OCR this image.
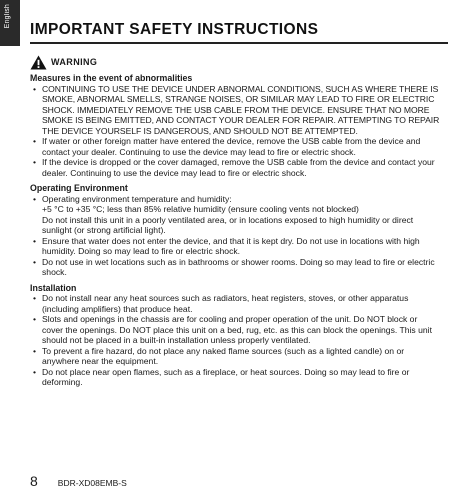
English
IMPORTANT SAFETY INSTRUCTIONS
WARNING

Measures in the event of abnormalities

• CONTINUING TO USE THE DEVICE UNDER ABNORMAL CONDITIONS, SUCH AS WHERE THERE IS SMOKE, ABNORMAL SMELLS, STRANGE NOISES, OR SIMILAR MAY LEAD TO FIRE OR ELECTRIC SHOCK. IMMEDIATELY REMOVE THE USB CABLE FROM THE DEVICE. ENSURE THAT NO MORE SMOKE IS BEING EMITTED, AND CONTACT YOUR DEALER FOR REPAIR. ATTEMPTING TO REPAIR THE DEVICE YOURSELF IS DANGEROUS, AND SHOULD NOT BE ATTEMPTED.
• If water or other foreign matter have entered the device, remove the USB cable from the device and contact your dealer. Continuing to use the device may lead to fire or electric shock.
• If the device is dropped or the cover damaged, remove the USB cable from the device and contact your dealer. Continuing to use the device may lead to fire or electric shock.

Operating Environment

• Operating environment temperature and humidity:
+5 °C to +35 °C; less than 85% relative humidity (ensure cooling vents not blocked)
Do not install this unit in a poorly ventilated area, or in locations exposed to high humidity or direct sunlight (or strong artificial light).
• Ensure that water does not enter the device, and that it is kept dry. Do not use in locations with high humidity. Doing so may lead to fire or electric shock.
• Do not use in wet locations such as in bathrooms or shower rooms. Doing so may lead to fire or electric shock.

Installation

• Do not install near any heat sources such as radiators, heat registers, stoves, or other apparatus (including amplifiers) that produce heat.
• Slots and openings in the chassis are for cooling and proper operation of the unit. Do NOT block or cover the openings. Do NOT place this unit on a bed, rug, etc. as this can block the openings. This unit should not be placed in a built-in installation unless properly ventilated.
• To prevent a fire hazard, do not place any naked flame sources (such as a lighted candle) on or anywhere near the equipment.
• Do not place near open flames, such as a fireplace, or heat sources. Doing so may lead to fire or deforming.
8 BDR-XD08EMB-S
